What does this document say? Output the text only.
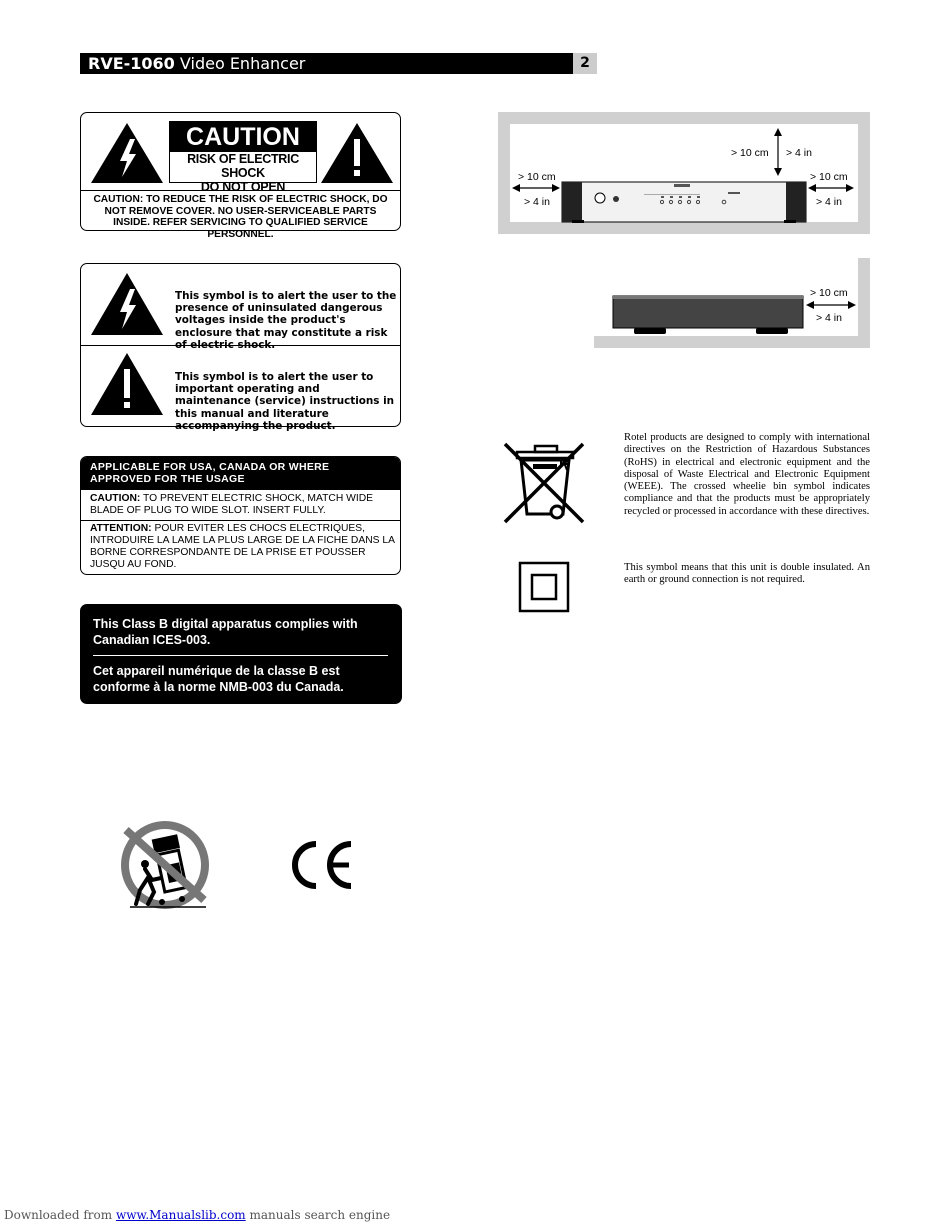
RVE-1060 Video Enhancer	2
CAUTION
RISK OF ELECTRIC SHOCK
DO NOT OPEN
CAUTION: TO REDUCE THE RISK OF ELECTRIC SHOCK, DO NOT REMOVE COVER. NO USER-SERVICEABLE PARTS INSIDE. REFER SERVICING TO QUALIFIED SERVICE PERSONNEL.
This symbol is to alert the user to the presence of uninsulated dangerous voltages inside the product's enclosure that may constitute a risk of electric shock.
This symbol is to alert the user to important operating and maintenance (service) instructions in this manual and literature accompanying the product.
APPLICABLE FOR USA, CANADA OR WHERE APPROVED FOR THE USAGE
CAUTION: TO PREVENT ELECTRIC SHOCK, MATCH WIDE BLADE OF PLUG TO WIDE SLOT. INSERT FULLY.
ATTENTION: POUR EVITER LES CHOCS ELECTRIQUES, INTRODUIRE LA LAME LA PLUS LARGE DE LA FICHE DANS LA BORNE CORRESPONDANTE DE LA PRISE ET POUSSER JUSQU AU FOND.
This Class B digital apparatus complies with Canadian ICES-003.
Cet appareil numérique de la classe B est conforme à la norme NMB-003 du Canada.
> 10 cm > 4 in
> 10 cm
> 4 in
> 10 cm
> 4 in
> 10 cm
> 4 in
Rotel products are designed to comply with international directives on the Restriction of Hazardous Substances (RoHS) in electrical and electronic equipment and the disposal of Waste Electrical and Electronic Equipment (WEEE). The crossed wheelie bin symbol indicates compliance and that the products must be appropriately recycled or processed in accordance with these directives.
This symbol means that this unit is double insulated. An earth or ground connection is not required.
Downloaded from www.Manualslib.com manuals search engine
